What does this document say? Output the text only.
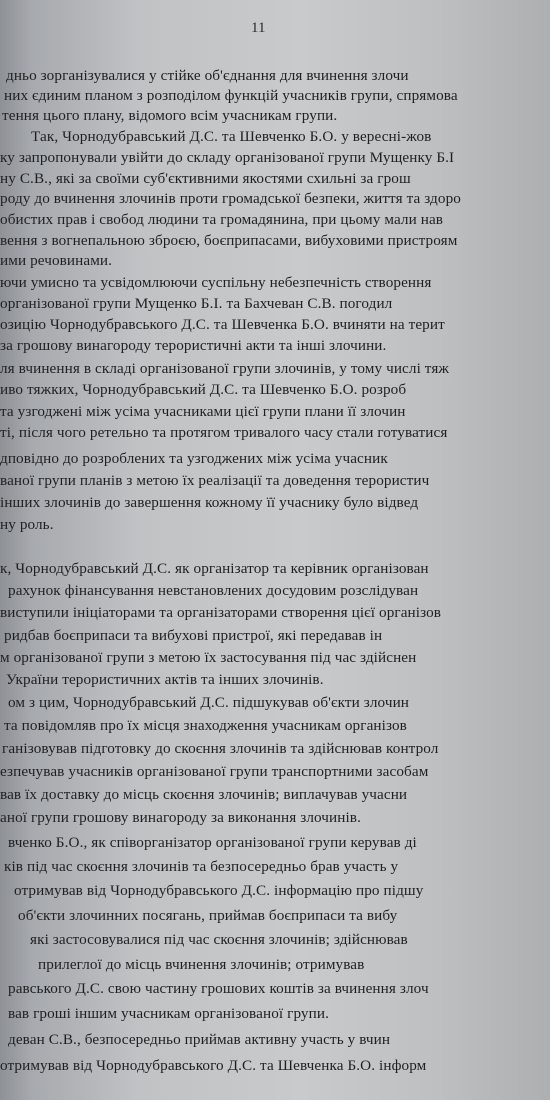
11
дньо зорганізувалися у стійке об'єднання для вчинення злочи
них єдиним планом з розподілом функцій учасників групи, спрямова
тення цього плану, відомого всім учасникам групи.
Так, Чорнодубравський Д.С. та Шевченко Б.О. у вересні-жов
ку запропонували увійти до складу організованої групи Мущенку Б.І
ну С.В., які за своїми суб'єктивними якостями схильні за грош
роду до вчинення злочинів проти громадської безпеки, життя та здоро
обистих прав і свобод людини та громадянина, при цьому мали нав
вення з вогнепальною зброєю, боєприпасами, вибуховими пристроям
ими речовинами.
ючи умисно та усвідомлюючи суспільну небезпечність створення
організованої групи Мущенко Б.І. та Бахчеван С.В. погодил
озицію Чорнодубравського Д.С. та Шевченка Б.О. вчиняти на терит
за грошову винагороду терористичні акти та інші злочини.
ля вчинення в складі організованої групи злочинів, у тому числі тяж
иво тяжких, Чорнодубравський Д.С. та Шевченко Б.О. розроб
та узгоджені між усіма учасниками цієї групи плани її злочин
ті, після чого ретельно та протягом тривалого часу стали готуватися
дповідно до розроблених та узгоджених між усіма учасник
ваної групи планів з метою їх реалізації та доведення терористич
інших злочинів до завершення кожному її учаснику було відвед
ну роль.
к, Чорнодубравський Д.С. як організатор та керівник організован
рахунок фінансування невстановлених досудовим розслідуван
виступили ініціаторами та організаторами створення цієї організов
ридбав боєприпаси та вибухові пристрої, які передавав ін
м організованої групи з метою їх застосування під час здійснен
України терористичних актів та інших злочинів.
ом з цим, Чорнодубравський Д.С. підшукував об'єкти злочин
та повідомляв про їх місця знаходження учасникам організов
ганізовував підготовку до скоєння злочинів та здійснював контрол
езпечував учасників організованої групи транспортними засобам
вав їх доставку до місць скоєння злочинів; виплачував учасни
аної групи грошову винагороду за виконання злочинів.
вченко Б.О., як співорганізатор організованої групи керував ді
ків під час скоєння злочинів та безпосередньо брав участь у
отримував від Чорнодубравського Д.С. інформацію про підшу
об'єкти злочинних посягань, приймав боєприпаси та вибу
які застосовувалися під час скоєння злочинів; здійснював
прилеглої до місць вчинення злочинів; отримував
равського Д.С. свою частину грошових коштів за вчинення злоч
вав гроші іншим учасникам організованої групи.
деван С.В., безпосередньо приймав активну участь у вчин
отримував від Чорнодубравського Д.С. та Шевченка Б.О. інформ
